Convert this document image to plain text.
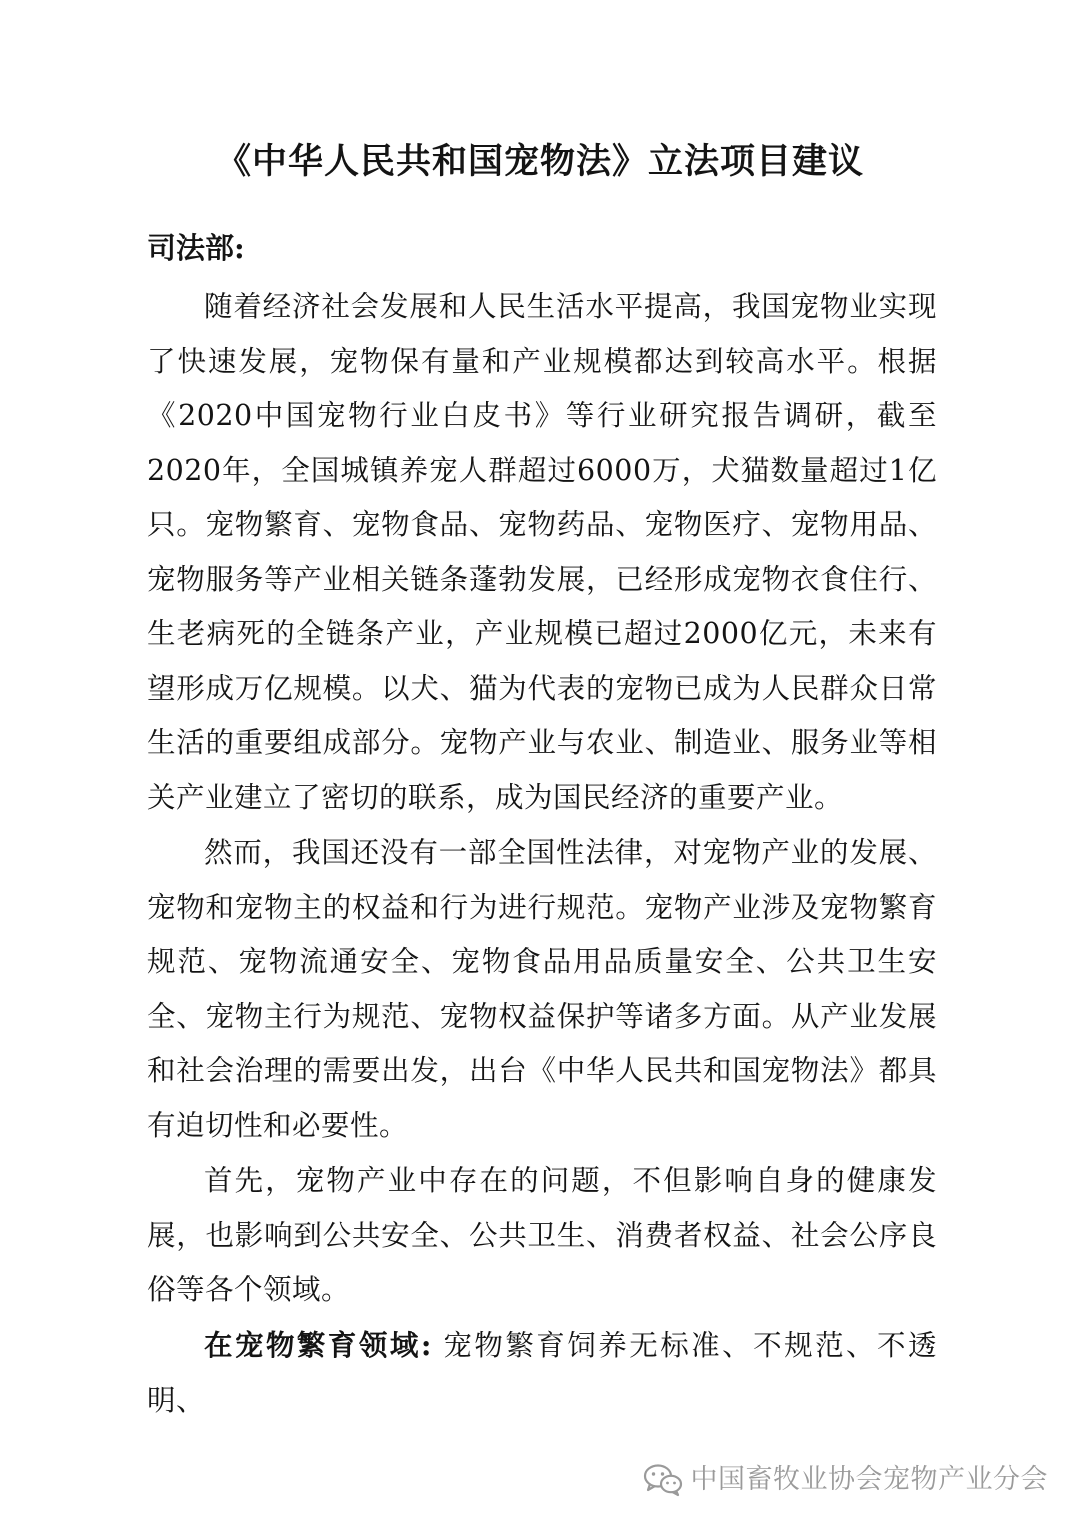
《中华人民共和国宠物法》立法项目建议
司法部:

随着经济社会发展和人民生活水平提高，我国宠物业实现了快速发展，宠物保有量和产业规模都达到较高水平。根据《2020中国宠物行业白皮书》等行业研究报告调研，截至2020年，全国城镇养宠人群超过6000万，犬猫数量超过1亿只。宠物繁育、宠物食品、宠物药品、宠物医疗、宠物用品、宠物服务等产业相关链条蓬勃发展，已经形成宠物衣食住行、生老病死的全链条产业，产业规模已超过2000亿元，未来有望形成万亿规模。以犬、猫为代表的宠物已成为人民群众日常生活的重要组成部分。宠物产业与农业、制造业、服务业等相关产业建立了密切的联系，成为国民经济的重要产业。

然而，我国还没有一部全国性法律，对宠物产业的发展、宠物和宠物主的权益和行为进行规范。宠物产业涉及宠物繁育规范、宠物流通安全、宠物食品用品质量安全、公共卫生安全、宠物主行为规范、宠物权益保护等诸多方面。从产业发展和社会治理的需要出发，出台《中华人民共和国宠物法》都具有迫切性和必要性。

首先，宠物产业中存在的问题，不但影响自身的健康发展，也影响到公共安全、公共卫生、消费者权益、社会公序良俗等各个领域。

在宠物繁育领域: 宠物繁育饲养无标准、不规范、不透明、

中国畜牧业协会宠物产业分会
